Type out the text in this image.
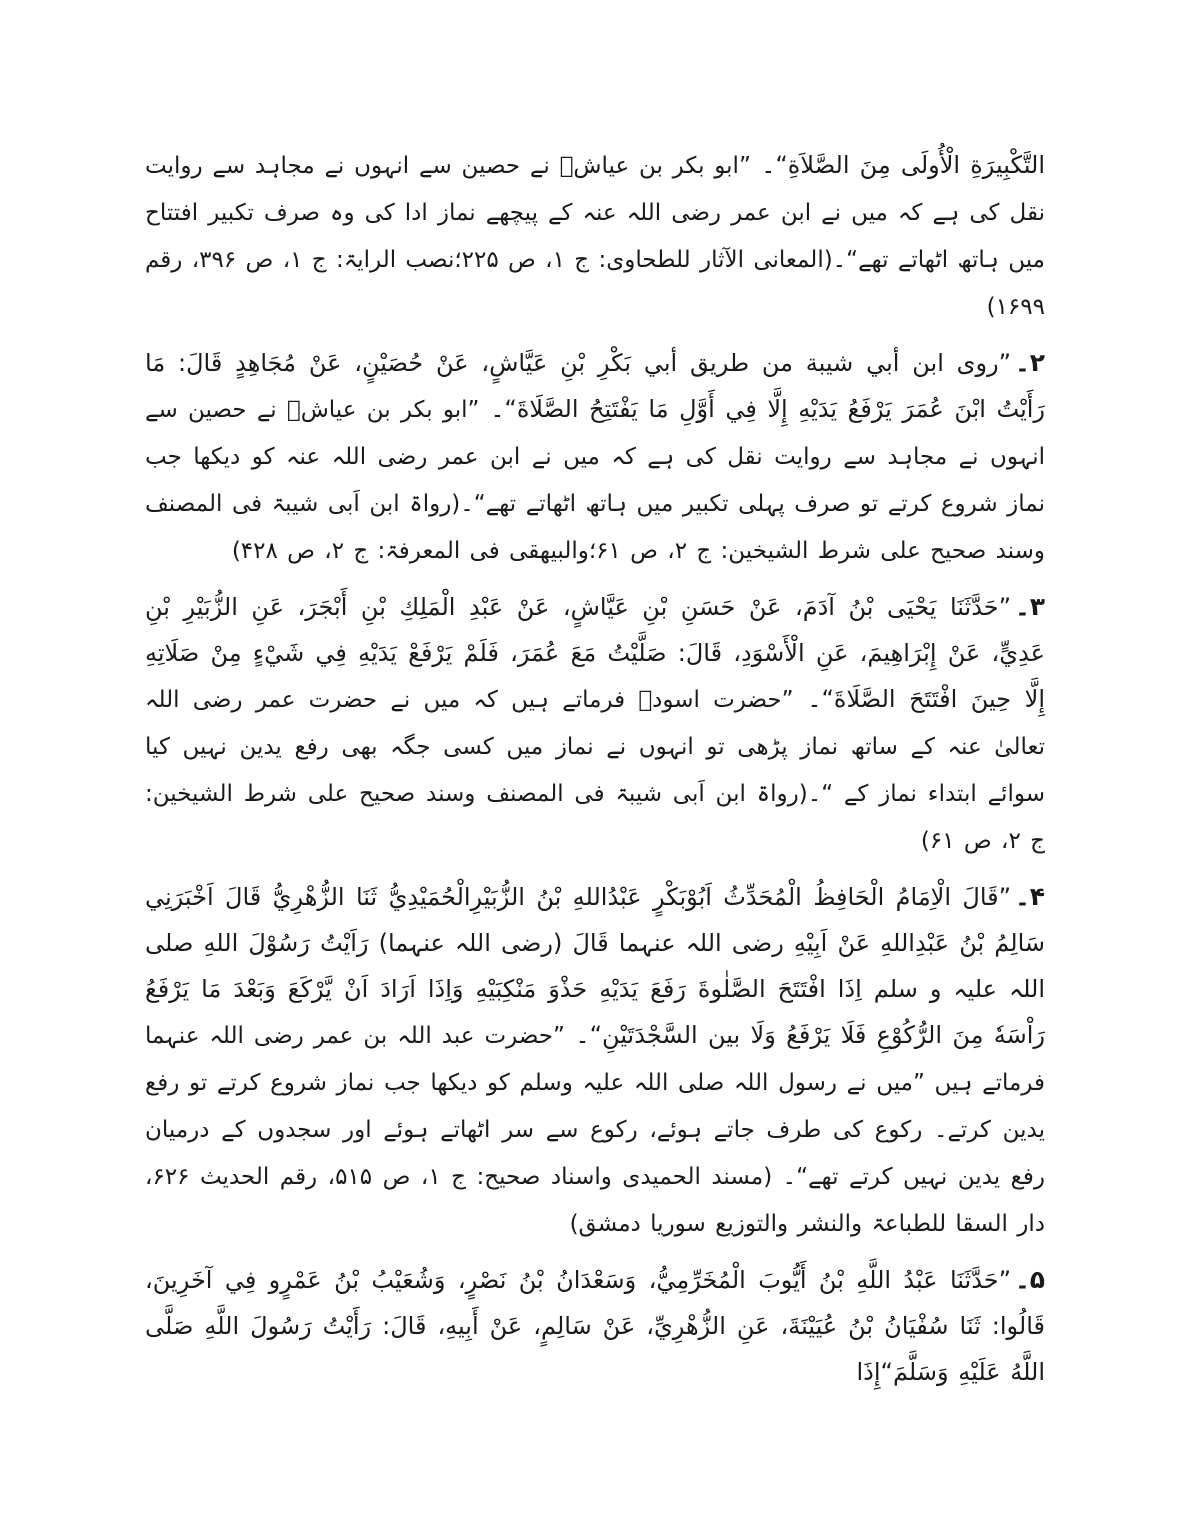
التَّكْبِيرَةِ الْأُولَى مِنَ الصَّلاَةِ“۔ ”ابو بکر بن عیاشؒ نے حصین سے انہوں نے مجاہد سے روایت نقل کی ہے کہ میں نے ابن عمر رضی اللہ عنہ کے پیچھے نماز ادا کی وہ صرف تکبیر افتتاح میں ہاتھ اٹھاتے تھے“۔(المعانی الآثار للطحاوی: ج ۱، ص ۲۲۵؛نصب الرایۃ: ج ۱، ص ۳۹۶، رقم ۱۶۹۹)

۲۔”روى ابن أبي شيبة من طريق أبي بَكْرِ بْنِ عَيَّاشٍ، عَنْ حُصَيْنٍ، عَنْ مُجَاهِدٍ قَالَ: مَا رَأَيْتُ ابْنَ عُمَرَ يَرْفَعُ يَدَيْهِ إِلَّا فِي أَوَّلِ مَا يَفْتَتِحُ الصَّلَاةَ“۔ ”ابو بکر بن عیاشؒ نے حصین سے انہوں نے مجاہد سے روایت نقل کی ہے کہ میں نے ابن عمر رضی اللہ عنہ کو دیکھا جب نماز شروع کرتے تو صرف پہلی تکبیر میں ہاتھ اٹھاتے تھے“۔(رواۃ ابن اَبی شیبۃ فی المصنف وسند صحیح علی شرط الشیخین: ج ۲، ص ۶۱؛والبیھقی فی المعرفۃ: ج ۲، ص ۴۲۸)

۳۔”حَدَّثَنَا يَحْيَى بْنُ آدَمَ، عَنْ حَسَنِ بْنِ عَيَّاشٍ، عَنْ عَبْدِ الْمَلِكِ بْنِ أَبْجَرَ، عَنِ الزُّبَيْرِ بْنِ عَدِيٍّ، عَنْ إِبْرَاهِيمَ، عَنِ الْأَسْوَدِ، قَالَ: صَلَّيْتُ مَعَ عُمَرَ، فَلَمْ يَرْفَعْ يَدَيْهِ فِي شَيْءٍ مِنْ صَلَاتِهِ إِلَّا حِينَ افْتَتَحَ الصَّلَاةَ“۔ ”حضرت اسودؒ فرماتے ہیں کہ میں نے حضرت عمر رضی اللہ تعالیٰ عنہ کے ساتھ نماز پڑھی تو انہوں نے نماز میں کسی جگہ بھی رفع یدین نہیں کیا سوائے ابتداء نماز کے “۔(رواۃ ابن اَبی شیبۃ فی المصنف وسند صحیح علی شرط الشیخین: ج ۲، ص ۶۱)

۴۔”قَالَ الْاِمَامُ الْحَافِظُ الْمُحَدِّثُ اَبُوْبَكْرٍ عَبْدُاللهِ بْنُ الزُّبَيْرِالْحُمَيْدِيُّ ثَنَا الزُّهْرِيُّ قَالَ اَخْبَرَنِي سَالِمُ بْنُ عَبْدِاللهِ عَنْ اَبِيْهِ رضی اللہ عنہما قَالَ (رضی اللہ عنہما) رَاَيْتُ رَسُوْلَ اللهِ صلی اللہ علیہ و سلم اِذَا افْتَتَحَ الصَّلٰوةَ رَفَعَ يَدَيْهِ حَذْوَ مَنْكِبَيْهِ وَاِذَا اَرَادَ اَنْ يَّرْكَعَ وَبَعْدَ مَا يَرْفَعُ رَاْسَهٗ مِنَ الرُّكُوْعِ فَلَا يَرْفَعُ وَلَا بين السَّجْدَتَيْنِ“۔ ”حضرت عبد اللہ بن عمر رضی اللہ عنہما فرماتے ہیں ”میں نے رسول اللہ صلی اللہ علیہ وسلم کو دیکھا جب نماز شروع کرتے تو رفع یدین کرتے۔ رکوع کی طرف جاتے ہوئے، رکوع سے سر اٹھاتے ہوئے اور سجدوں کے درمیان رفع یدین نہیں کرتے تھے“۔ (مسند الحمیدی واسناد صحیح: ج ۱، ص ۵۱۵، رقم الحدیث ۶۲۶، دار السقا للطباعۃ والنشر والتوزیع سوریا دمشق)

۵۔”حَدَّثَنَا عَبْدُ اللَّهِ بْنُ أَيُّوبَ الْمُخَرِّمِيُّ، وَسَعْدَانُ بْنُ نَصْرٍ، وَشُعَيْبُ بْنُ عَمْرٍو فِي آخَرِينَ، قَالُوا: ثَنَا سُفْيَانُ بْنُ عُيَيْنَةَ، عَنِ الزُّهْرِيِّ، عَنْ سَالِمٍ، عَنْ أَبِيهِ، قَالَ: رَأَيْتُ رَسُولَ اللَّهِ صَلَّى اللَّهُ عَلَيْهِ وَسَلَّمَ“إِذَا
